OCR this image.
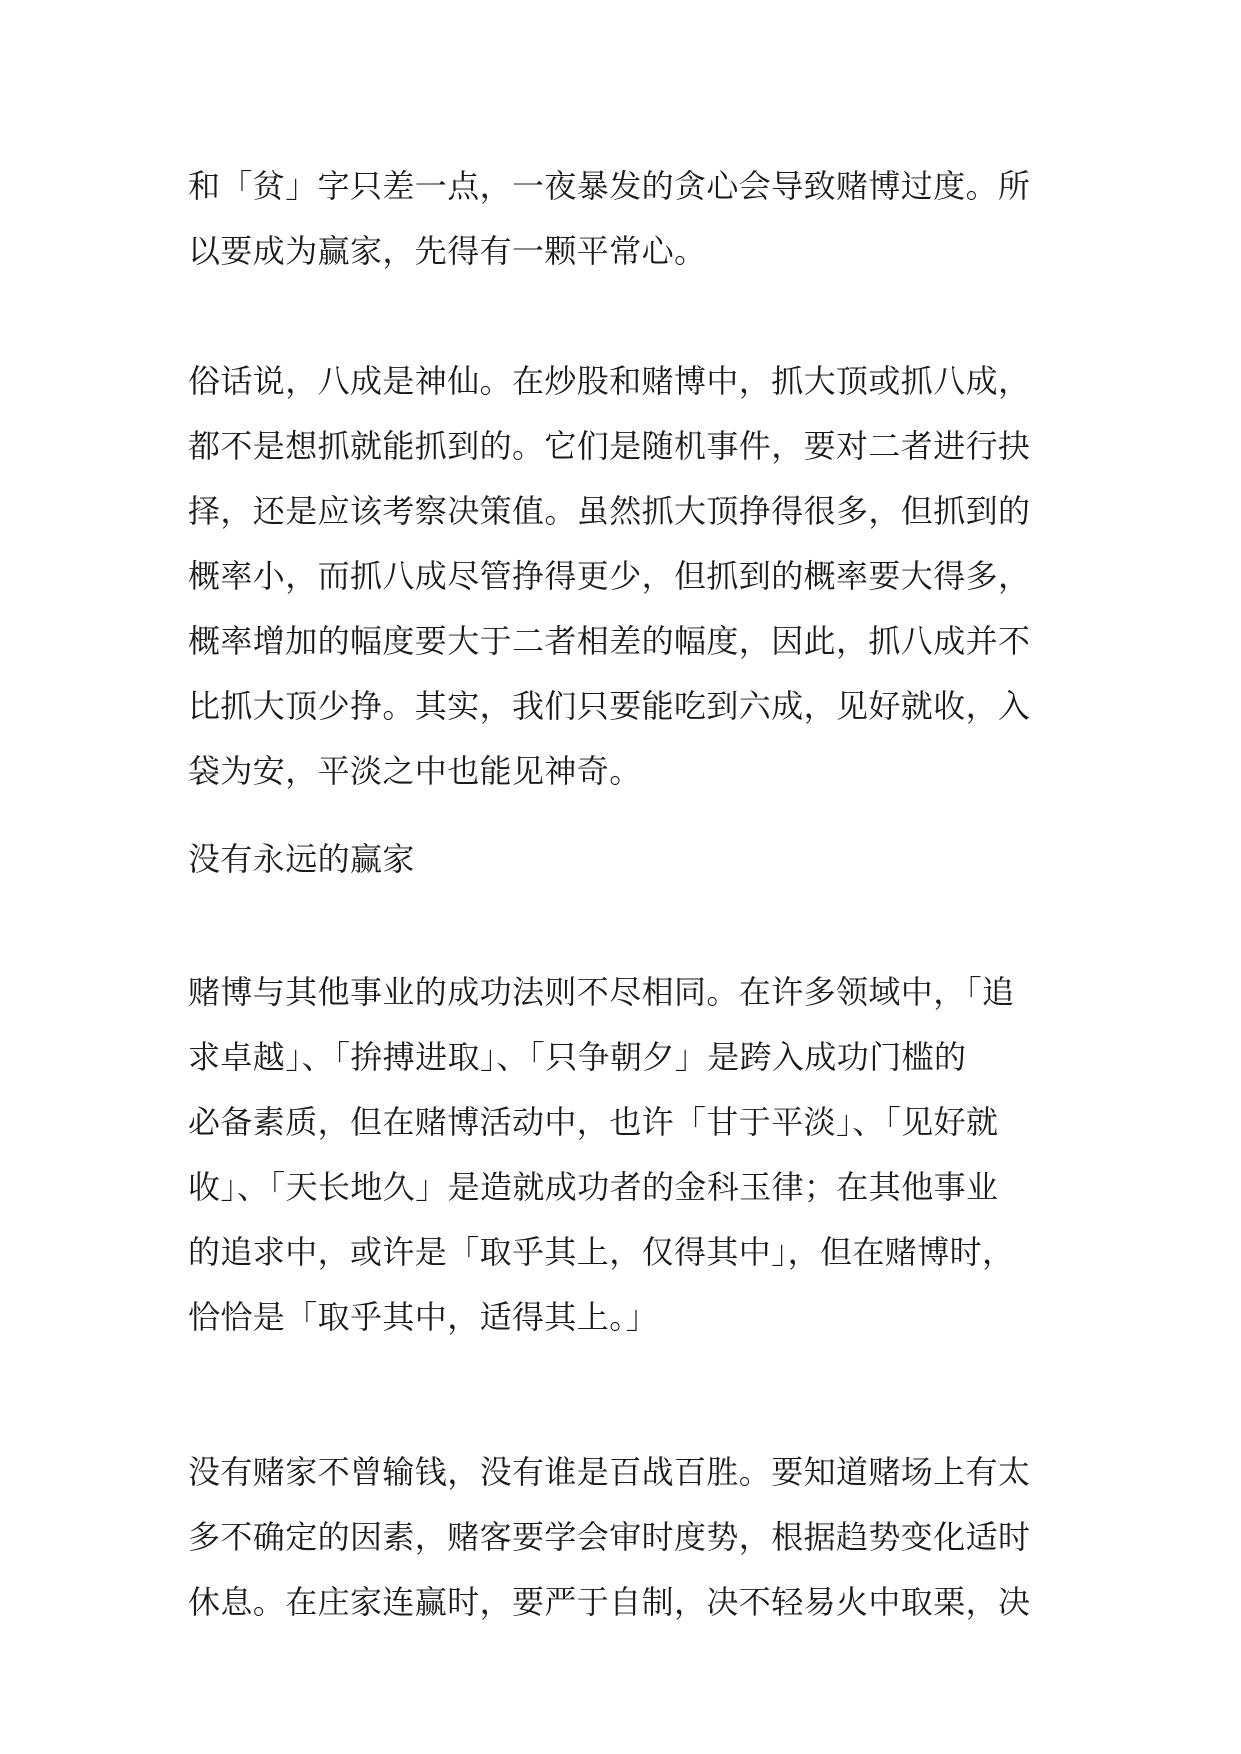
和「贫」字只差一点，一夜暴发的贪心会导致赌博过度。所
以要成为赢家，先得有一颗平常心。

俗话说，八成是神仙。在炒股和赌博中，抓大顶或抓八成，
都不是想抓就能抓到的。它们是随机事件，要对二者进行抉
择，还是应该考察决策值。虽然抓大顶挣得很多，但抓到的
概率小，而抓八成尽管挣得更少，但抓到的概率要大得多，
概率增加的幅度要大于二者相差的幅度，因此，抓八成并不
比抓大顶少挣。其实，我们只要能吃到六成，见好就收，入
袋为安，平淡之中也能见神奇。

没有永远的赢家

赌博与其他事业的成功法则不尽相同。在许多领域中，「追
求卓越」、「拚搏进取」、「只争朝夕」是跨入成功门槛的
必备素质，但在赌博活动中，也许「甘于平淡」、「见好就
收」、「天长地久」是造就成功者的金科玉律；在其他事业
的追求中，或许是「取乎其上，仅得其中」，但在赌博时，
恰恰是「取乎其中，适得其上。」

没有赌家不曾输钱，没有谁是百战百胜。要知道赌场上有太
多不确定的因素，赌客要学会审时度势，根据趋势变化适时
休息。在庄家连赢时，要严于自制，决不轻易火中取栗，决
